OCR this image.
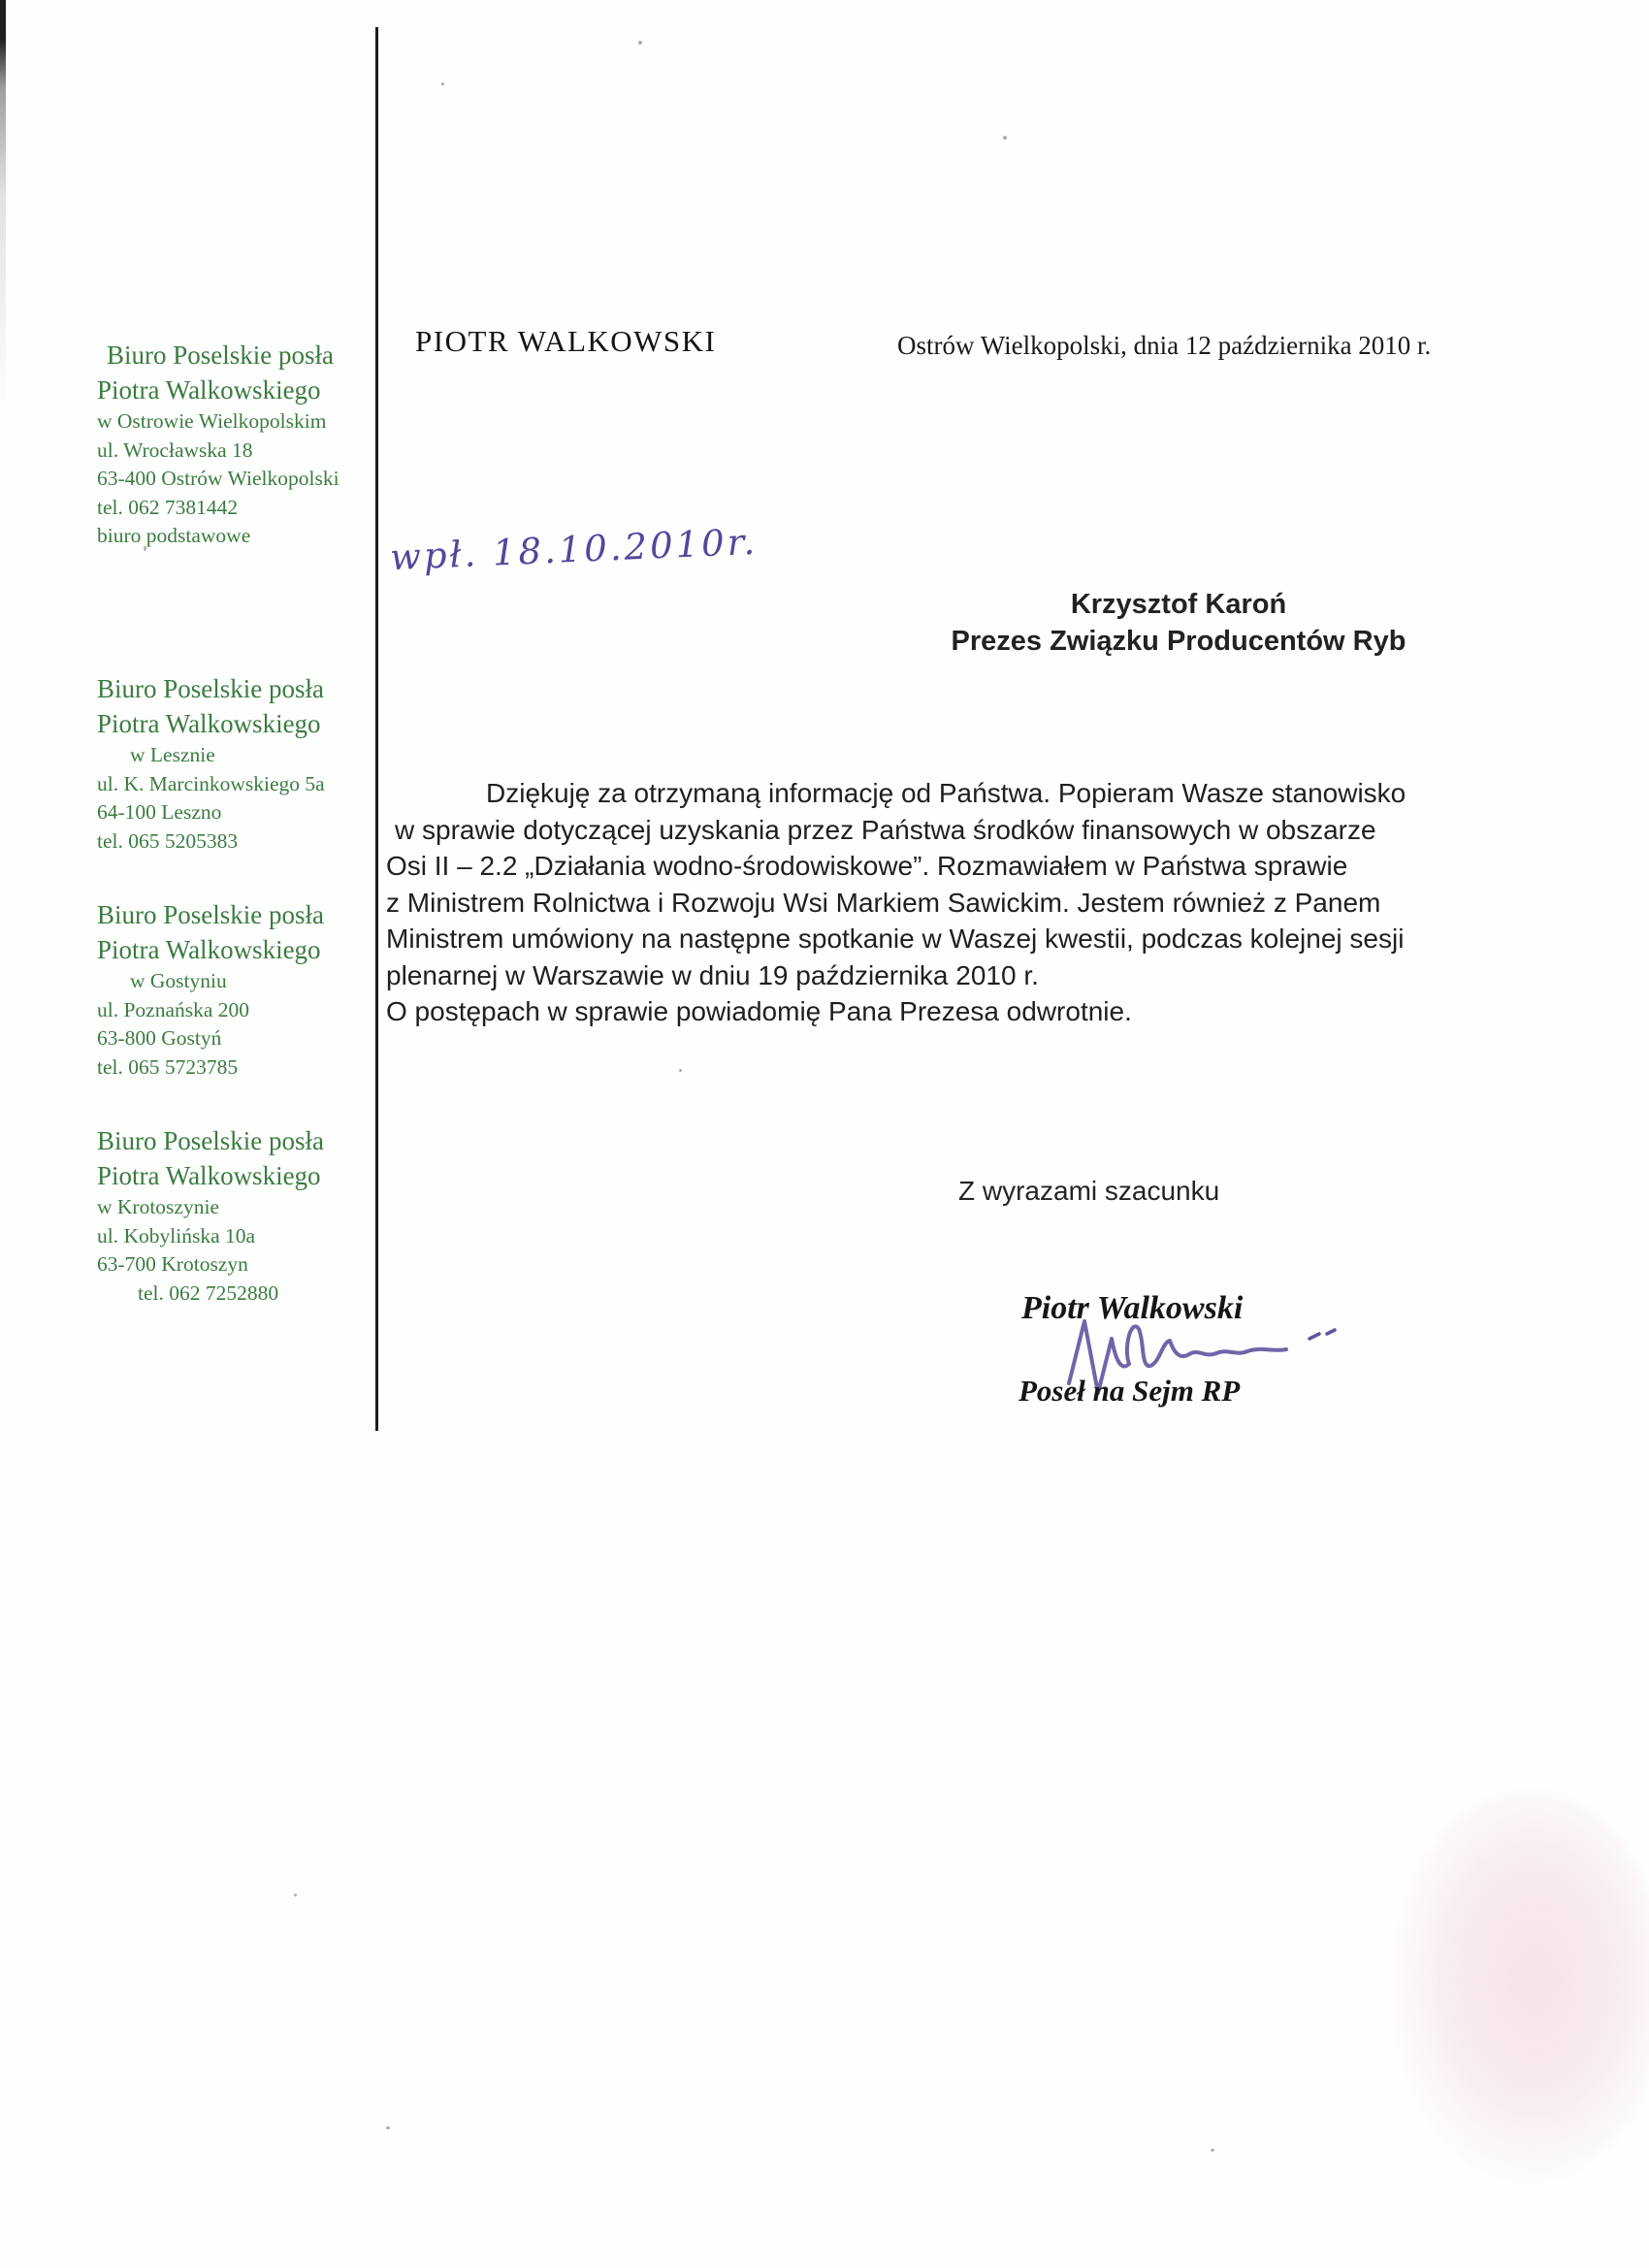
Biuro Poselskie posła
Piotra Walkowskiego
w Ostrowie Wielkopolskim
ul. Wrocławska 18
63-400 Ostrów Wielkopolski
tel. 062 7381442
biuro podstawowe
Biuro Poselskie posła
Piotra Walkowskiego
w Lesznie
ul. K. Marcinkowskiego 5a
64-100 Leszno
tel. 065 5205383
Biuro Poselskie posła
Piotra Walkowskiego
w Gostyniu
ul. Poznańska 200
63-800 Gostyń
tel. 065 5723785
Biuro Poselskie posła
Piotra Walkowskiego
w Krotoszynie
ul. Kobylińska 10a
63-700 Krotoszyn
tel. 062 7252880
PIOTR WALKOWSKI	Ostrów Wielkopolski, dnia 12 października 2010 r.
wpł. 18.10.2010r.
Krzysztof Karoń
Prezes Związku Producentów Ryb
Dziękuję za otrzymaną informację od Państwa. Popieram Wasze stanowisko
w sprawie dotyczącej uzyskania przez Państwa środków finansowych w obszarze
Osi II – 2.2 „Działania wodno-środowiskowe”. Rozmawiałem w Państwa sprawie
z Ministrem Rolnictwa i Rozwoju Wsi Markiem Sawickim. Jestem również z Panem
Ministrem umówiony na następne spotkanie w Waszej kwestii, podczas kolejnej sesji
plenarnej w Warszawie w dniu 19 października 2010 r.
O postępach w sprawie powiadomię Pana Prezesa odwrotnie.
Z wyrazami szacunku
Piotr Walkowski
Poseł na Sejm RP
